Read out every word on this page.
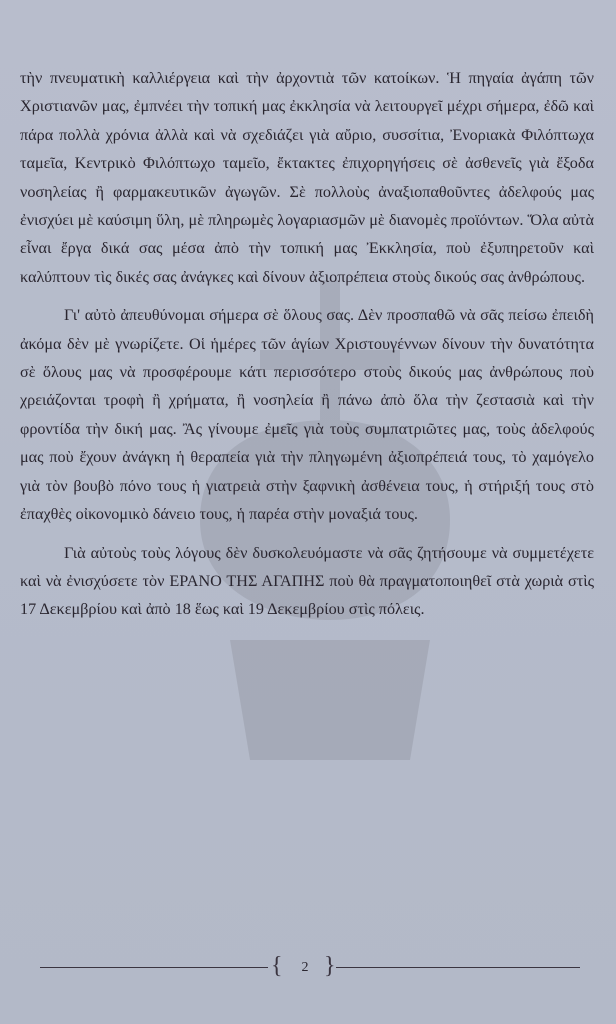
τὴν πνευματικὴ καλλιέργεια καὶ τὴν ἀρχοντιὰ τῶν κατοίκων. Ἡ πηγαία ἀγάπη τῶν Χριστιανῶν μας, ἐμπνέει τὴν τοπική μας ἐκκλησία νὰ λειτουργεῖ μέχρι σήμερα, ἐδῶ καὶ πάρα πολλὰ χρόνια ἀλλὰ καὶ νὰ σχεδιάζει γιὰ αὔριο, συσσίτια, Ἐνοριακὰ Φιλόπτωχα ταμεῖα, Κεντρικὸ Φιλόπτωχο ταμεῖο, ἔκτακτες ἐπιχορηγήσεις σὲ ἀσθενεῖς γιὰ ἔξοδα νοσηλείας ἢ φαρμακευτικῶν ἀγωγῶν. Σὲ πολλοὺς ἀναξιοπαθοῦντες ἀδελφούς μας ἐνισχύει μὲ καύσιμη ὕλη, μὲ πληρωμὲς λογαριασμῶν μὲ διανομὲς προϊόντων. Ὅλα αὐτὰ εἶναι ἔργα δικά σας μέσα ἀπὸ τὴν τοπική μας Ἐκκλησία, ποὺ ἐξυπηρετοῦν καὶ καλύπτουν τὶς δικές σας ἀνάγκες καὶ δίνουν ἀξιοπρέπεια στοὺς δικούς σας ἀνθρώπους.

Γι' αὐτὸ ἀπευθύνομαι σήμερα σὲ ὅλους σας. Δὲν προσπαθῶ νὰ σᾶς πείσω ἐπειδὴ ἀκόμα δὲν μὲ γνωρίζετε. Οἱ ἡμέρες τῶν ἁγίων Χριστουγέννων δίνουν τὴν δυνατότητα σὲ ὅλους μας νὰ προσφέρουμε κάτι περισσότερο στοὺς δικούς μας ἀνθρώπους ποὺ χρειάζονται τροφὴ ἢ χρήματα, ἢ νοσηλεία ἢ πάνω ἀπὸ ὅλα τὴν ζεστασιὰ καὶ τὴν φροντίδα τὴν δική μας. Ἂς γίνουμε ἐμεῖς γιὰ τοὺς συμπατριῶτες μας, τοὺς ἀδελφούς μας ποὺ ἔχουν ἀνάγκη ἡ θεραπεία γιὰ τὴν πληγωμένη ἀξιοπρέπειά τους, τὸ χαμόγελο γιὰ τὸν βουβὸ πόνο τους ἡ γιατρειὰ στὴν ξαφνικὴ ἀσθένεια τους, ἡ στήριξή τους στὸ ἐπαχθὲς οἰκονομικὸ δάνειο τους, ἡ παρέα στὴν μοναξιά τους.

Γιὰ αὐτοὺς τοὺς λόγους δὲν δυσκολευόμαστε νὰ σᾶς ζητήσουμε νὰ συμμετέχετε καὶ νὰ ἐνισχύσετε τὸν ΕΡΑΝΟ ΤΗΣ ΑΓΑΠΗΣ ποὺ θὰ πραγματοποιηθεῖ στὰ χωριὰ στὶς 17 Δεκεμβρίου καὶ ἀπὸ 18 ἕως καὶ 19 Δεκεμβρίου στὶς πόλεις.

{	2 }
